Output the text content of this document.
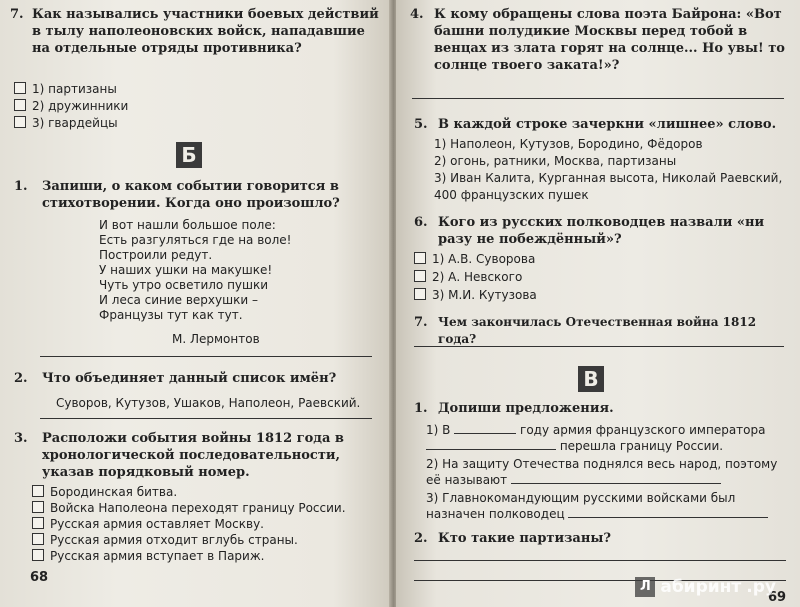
7. Как назывались участники боевых действий в тылу наполеоновских войск, нападавшие на отдельные отряды противника?
1) партизаны
2) дружинники
3) гвардейцы
Б
1. Запиши, о каком событии говорится в стихотворении. Когда оно произошло?
И вот нашли большое поле:
Есть разгуляться где на воле!
Построили редут.
У наших ушки на макушке!
Чуть утро осветило пушки
И леса синие верхушки –
Французы тут как тут.
М. Лермонтов
2. Что объединяет данный список имён?
Суворов, Кутузов, Ушаков, Наполеон, Раевский.
3. Расположи события войны 1812 года в хронологической последовательности, указав порядковый номер.
Бородинская битва.
Войска Наполеона переходят границу России.
Русская армия оставляет Москву.
Русская армия отходит вглубь страны.
Русская армия вступает в Париж.
68
4. К кому обращены слова поэта Байрона: «Вот башни полудикие Москвы перед тобой в венцах из злата горят на солнце... Но увы! то солнце твоего заката!»?
5. В каждой строке зачеркни «лишнее» слово.
1) Наполеон, Кутузов, Бородино, Фёдоров
2) огонь, ратники, Москва, партизаны
3) Иван Калита, Курганная высота, Николай Раевский, 400 французских пушек
6. Кого из русских полководцев назвали «ни разу не побеждённый»?
1) А.В. Суворова
2) А. Невского
3) М.И. Кутузова
7. Чем закончилась Отечественная война 1812 года?
В
1. Допиши предложения.
1) В	году армия французского императора
перешла границу России.
2) На защиту Отечества поднялся весь народ, поэтому её называют
3) Главнокомандующим русскими войсками был назначен полководец
2. Кто такие партизаны?
69
Л абиринт .ру
